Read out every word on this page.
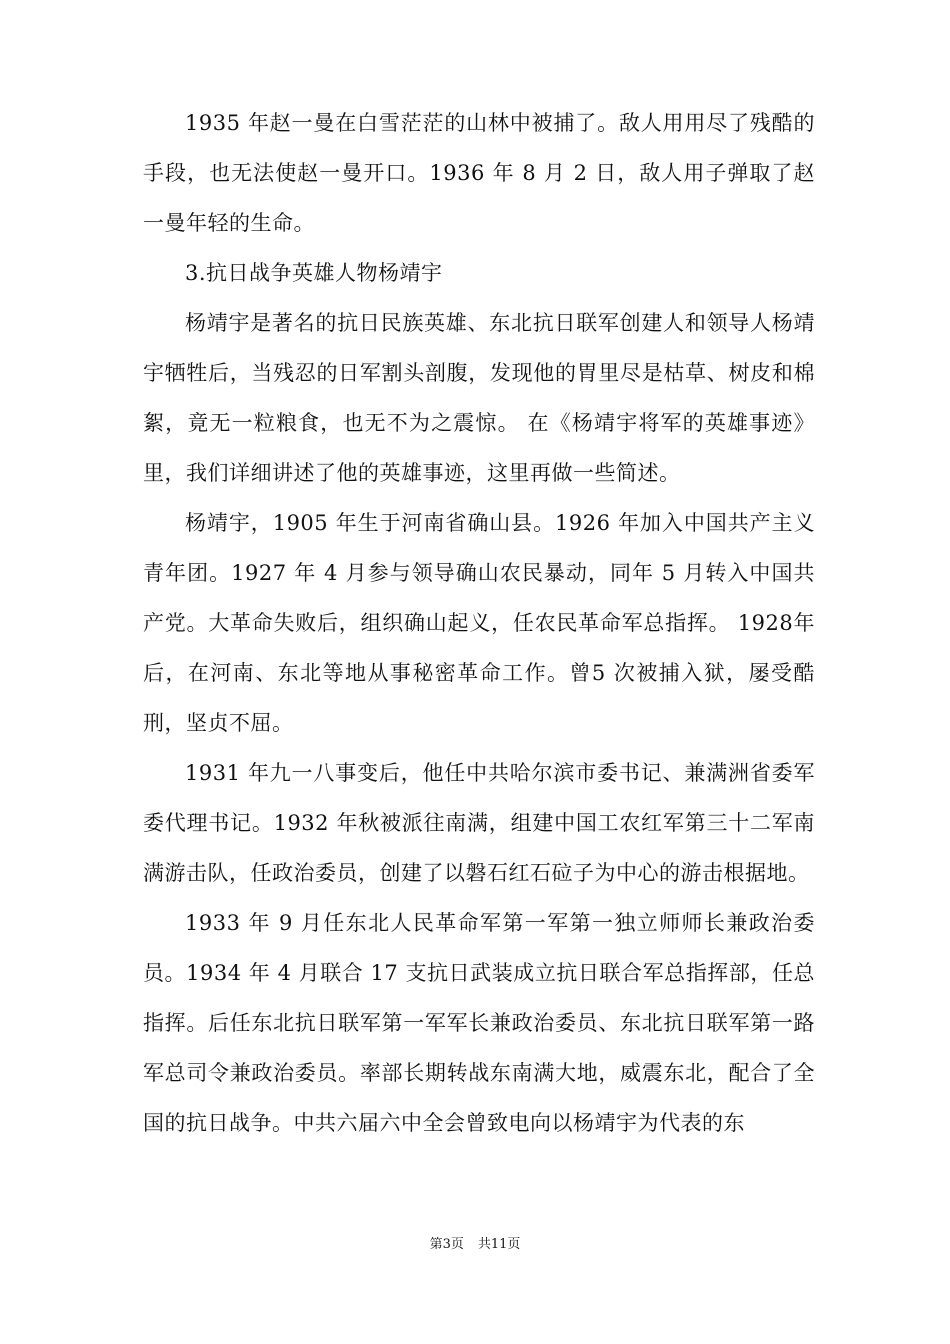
1935 年赵一曼在白雪茫茫的山林中被捕了。敌人用用尽了残酷的手段，也无法使赵一曼开口。1936 年 8 月 2 日，敌人用子弹取了赵一曼年轻的生命。

3.抗日战争英雄人物杨靖宇

杨靖宇是著名的抗日民族英雄、东北抗日联军创建人和领导人杨靖宇牺牲后，当残忍的日军割头剖腹，发现他的胃里尽是枯草、树皮和棉絮，竟无一粒粮食，也无不为之震惊。 在《杨靖宇将军的英雄事迹》里，我们详细讲述了他的英雄事迹，这里再做一些简述。

杨靖宇，1905 年生于河南省确山县。1926 年加入中国共产主义青年团。1927 年 4 月参与领导确山农民暴动，同年 5 月转入中国共产党。大革命失败后，组织确山起义，任农民革命军总指挥。 1928年后，在河南、东北等地从事秘密革命工作。曾5 次被捕入狱，屡受酷刑，坚贞不屈。

1931 年九一八事变后，他任中共哈尔滨市委书记、兼满洲省委军委代理书记。1932 年秋被派往南满，组建中国工农红军第三十二军南满游击队，任政治委员，创建了以磐石红石砬子为中心的游击根据地。

1933 年 9 月任东北人民革命军第一军第一独立师师长兼政治委员。1934 年 4 月联合 17 支抗日武装成立抗日联合军总指挥部，任总指挥。后任东北抗日联军第一军军长兼政治委员、东北抗日联军第一路军总司令兼政治委员。率部长期转战东南满大地，威震东北，配合了全国的抗日战争。中共六届六中全会曾致电向以杨靖宇为代表的东

第3页 共11页
